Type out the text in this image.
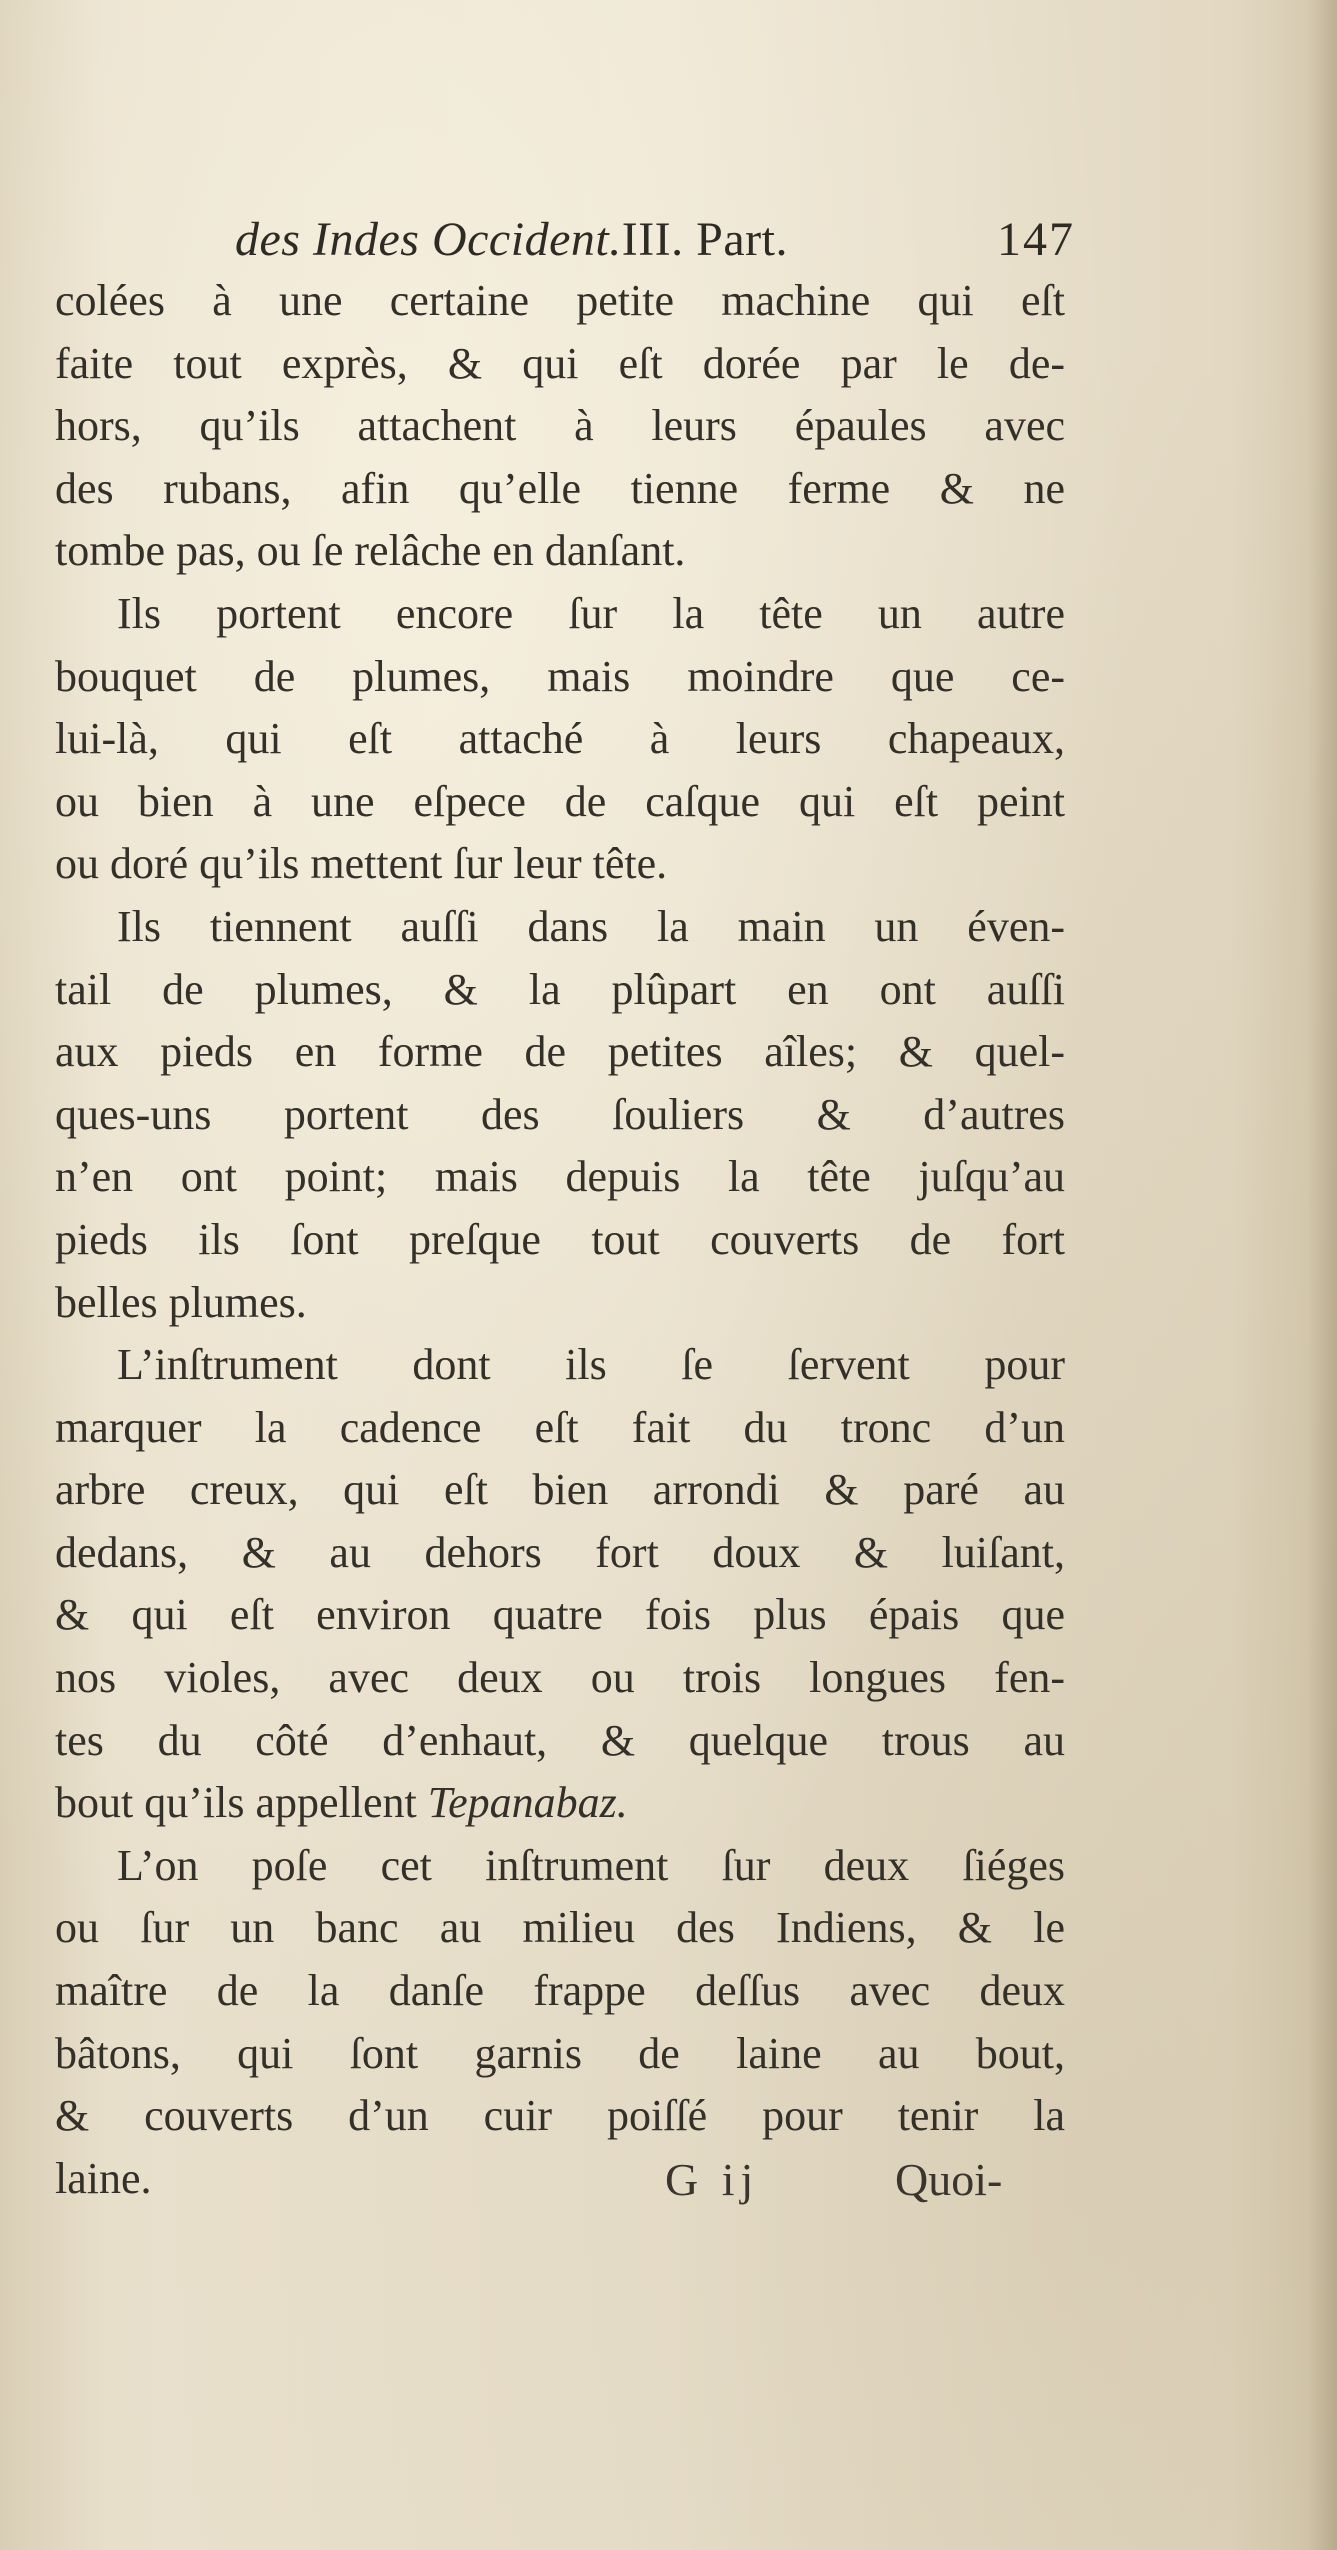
des Indes Occident.III. Part.	147
colées à une certaine petite machine qui eſt
faite tout exprès, & qui eſt dorée par le de-
hors, qu’ils attachent à leurs épaules avec
des rubans, afin qu’elle tienne ferme & ne
tombe pas, ou ſe relâche en danſant.
Ils portent encore ſur la tête un autre
bouquet de plumes, mais moindre que ce-
lui-là, qui eſt attaché à leurs chapeaux,
ou bien à une eſpece de caſque qui eſt peint
ou doré qu’ils mettent ſur leur tête.
Ils tiennent auſſi dans la main un éven-
tail de plumes, & la plûpart en ont auſſi
aux pieds en forme de petites aîles; & quel-
ques-uns portent des ſouliers & d’autres
n’en ont point; mais depuis la tête juſqu’au
pieds ils ſont preſque tout couverts de fort
belles plumes.
L’inſtrument dont ils ſe ſervent pour
marquer la cadence eſt fait du tronc d’un
arbre creux, qui eſt bien arrondi & paré au
dedans, & au dehors fort doux & luiſant,
& qui eſt environ quatre fois plus épais que
nos violes, avec deux ou trois longues fen-
tes du côté d’enhaut, & quelque trous au
bout qu’ils appellent Tepanabaz.
L’on poſe cet inſtrument ſur deux ſiéges
ou ſur un banc au milieu des Indiens, & le
maître de la danſe frappe deſſus avec deux
bâtons, qui ſont garnis de laine au bout,
& couverts d’un cuir poiſſé pour tenir la
laine.	G ij	Quoi-
